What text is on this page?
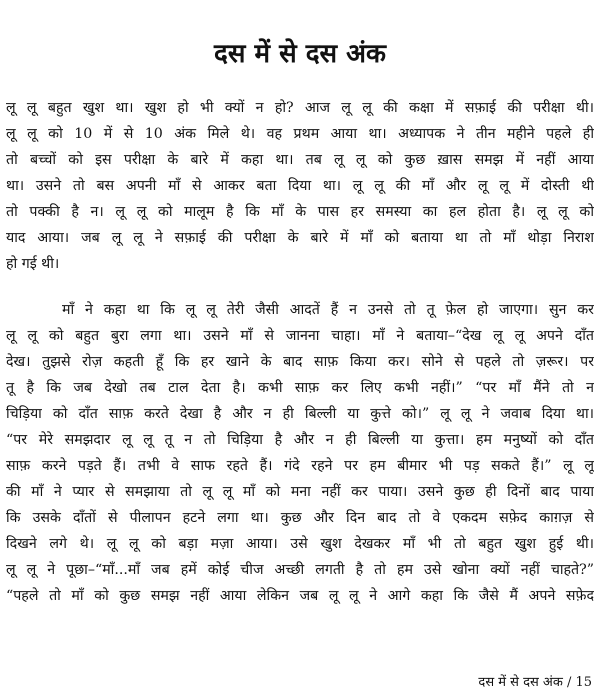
दस में से दस अंक
लू लू बहुत खुश था। खुश हो भी क्यों न हो? आज लू लू की कक्षा में सफ़ाई की परीक्षा थी।
लू लू को 10 में से 10 अंक मिले थे। वह प्रथम आया था। अध्यापक ने तीन महीने पहले ही
तो बच्चों को इस परीक्षा के बारे में कहा था। तब लू लू को कुछ ख़ास समझ में नहीं आया
था। उसने तो बस अपनी माँ से आकर बता दिया था। लू लू की माँ और लू लू में दोस्ती थी
तो पक्की है न। लू लू को मालूम है कि माँ के पास हर समस्या का हल होता है। लू लू को
याद आया। जब लू लू ने सफ़ाई की परीक्षा के बारे में माँ को बताया था तो माँ थोड़ा निराश
हो गई थी।
माँ ने कहा था कि लू लू तेरी जैसी आदतें हैं न उनसे तो तू फ़ेल हो जाएगा। सुन कर
लू लू को बहुत बुरा लगा था। उसने माँ से जानना चाहा। माँ ने बताया–“देख लू लू अपने दाँत
देख। तुझसे रोज़ कहती हूँ कि हर खाने के बाद साफ़ किया कर। सोने से पहले तो ज़रूर। पर
तू है कि जब देखो तब टाल देता है। कभी साफ़ कर लिए कभी नहीं।” “पर माँ मैंने तो न
चिड़िया को दाँत साफ़ करते देखा है और न ही बिल्ली या कुत्ते को।” लू लू ने जवाब दिया था।
“पर मेरे समझदार लू लू तू न तो चिड़िया है और न ही बिल्ली या कुत्ता। हम मनुष्यों को दाँत
साफ़ करने पड़ते हैं। तभी वे साफ रहते हैं। गंदे रहने पर हम बीमार भी पड़ सकते हैं।” लू लू
की माँ ने प्यार से समझाया तो लू लू माँ को मना नहीं कर पाया। उसने कुछ ही दिनों बाद पाया
कि उसके दाँतों से पीलापन हटने लगा था। कुछ और दिन बाद तो वे एकदम सफ़ेद काग़ज़ से
दिखने लगे थे। लू लू को बड़ा मज़ा आया। उसे खुश देखकर माँ भी तो बहुत खुश हुई थी।
लू लू ने पूछा–“माँ...माँ जब हमें कोई चीज अच्छी लगती है तो हम उसे खोना क्यों नहीं चाहते?”
“पहले तो माँ को कुछ समझ नहीं आया लेकिन जब लू लू ने आगे कहा कि जैसे मैं अपने सफ़ेद
दस में से दस अंक / 15
